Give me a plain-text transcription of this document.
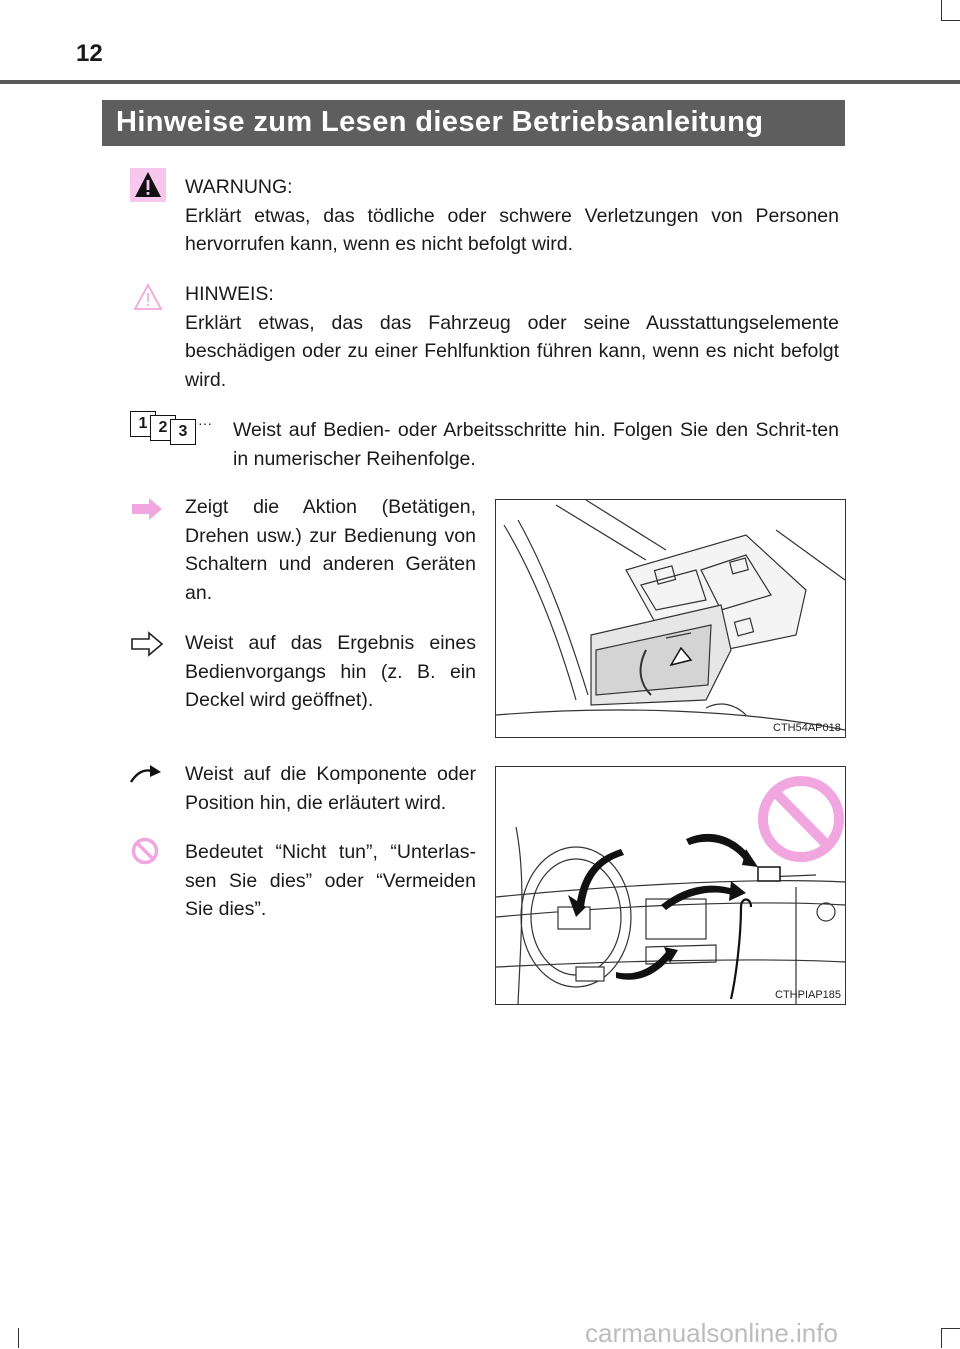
12
Hinweise zum Lesen dieser Betriebsanleitung

WARNUNG:

Erklärt etwas, das tödliche oder schwere Verletzungen von Personen hervorrufen kann, wenn es nicht befolgt wird.

HINWEIS:

Erklärt etwas, das das Fahrzeug oder seine Ausstattungselemente beschädigen oder zu einer Fehlfunktion führen kann, wenn es nicht befolgt wird.

1 2 3 ··· Weist auf Bedien- oder Arbeitsschritte hin. Folgen Sie den Schrit-ten in numerischer Reihenfolge.
Zeigt die Aktion (Betätigen, Drehen usw.) zur Bedienung von Schaltern und anderen Geräten an.
Weist auf das Ergebnis eines Bedienvorgangs hin (z. B. ein Deckel wird geöffnet).
Weist auf die Komponente oder Position hin, die erläutert wird.
Bedeutet “Nicht tun”, “Unterlas-sen Sie dies” oder “Vermeiden Sie dies”.
CTH54AP018
CTHPIAP185
carmanualsonline.info
